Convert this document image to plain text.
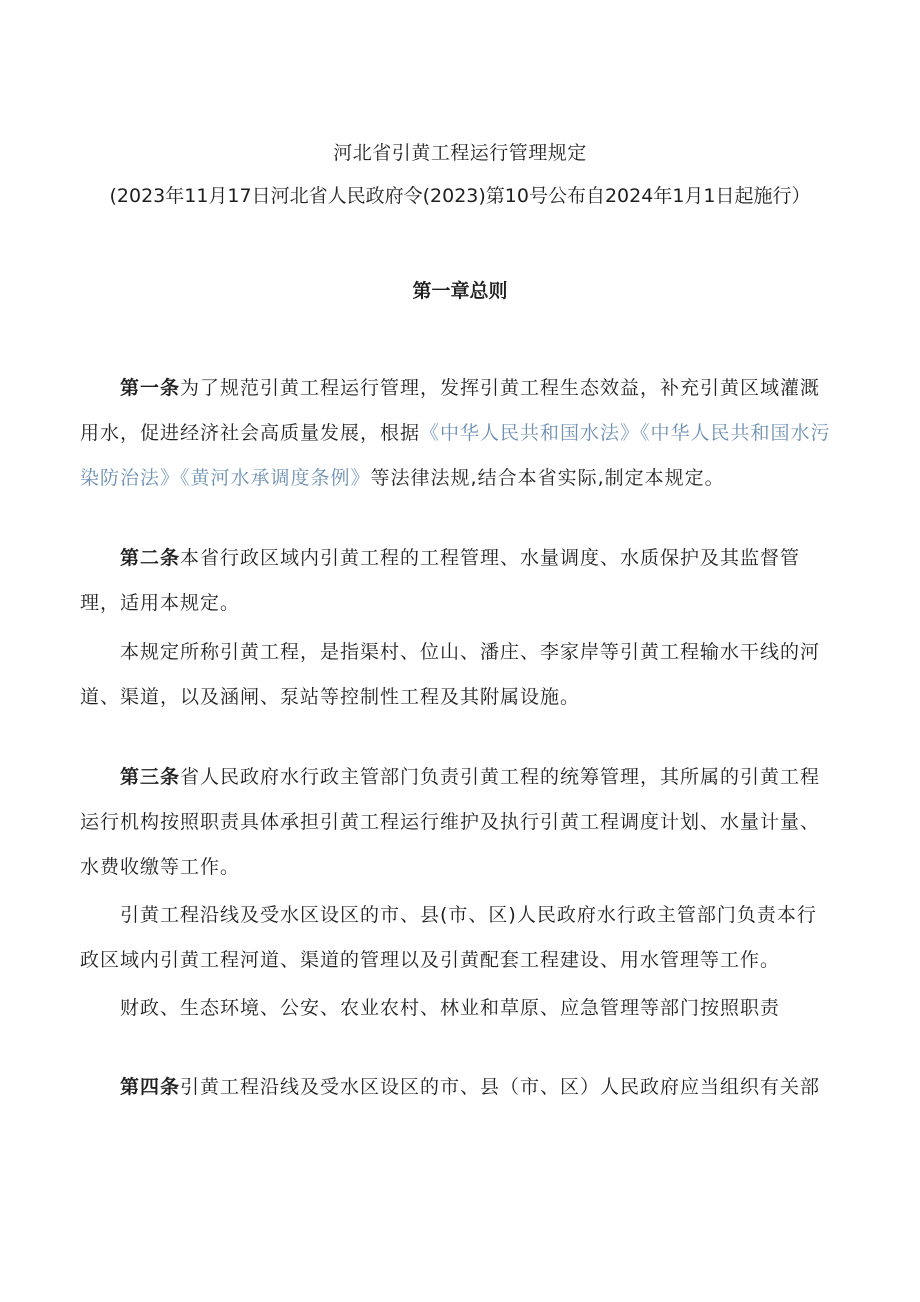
河北省引黄工程运行管理规定
(2023年11月17日河北省人民政府令(2023)第10号公布自2024年1月1日起施行）
第一章总则

第一条为了规范引黄工程运行管理，发挥引黄工程生态效益，补充引黄区域灌溉用水，促进经济社会高质量发展，根据《中华人民共和国水法》《中华人民共和国水污染防治法》《黄河水承调度条例》等法律法规,结合本省实际,制定本规定。

第二条本省行政区域内引黄工程的工程管理、水量调度、水质保护及其监督管理，适用本规定。

本规定所称引黄工程，是指渠村、位山、潘庄、李家岸等引黄工程输水干线的河道、渠道，以及涵闸、泵站等控制性工程及其附属设施。

第三条省人民政府水行政主管部门负责引黄工程的统筹管理，其所属的引黄工程运行机构按照职责具体承担引黄工程运行维护及执行引黄工程调度计划、水量计量、水费收缴等工作。

引黄工程沿线及受水区设区的市、县(市、区)人民政府水行政主管部门负责本行政区域内引黄工程河道、渠道的管理以及引黄配套工程建设、用水管理等工作。

财政、生态环境、公安、农业农村、林业和草原、应急管理等部门按照职责

第四条引黄工程沿线及受水区设区的市、县（市、区）人民政府应当组织有关部
